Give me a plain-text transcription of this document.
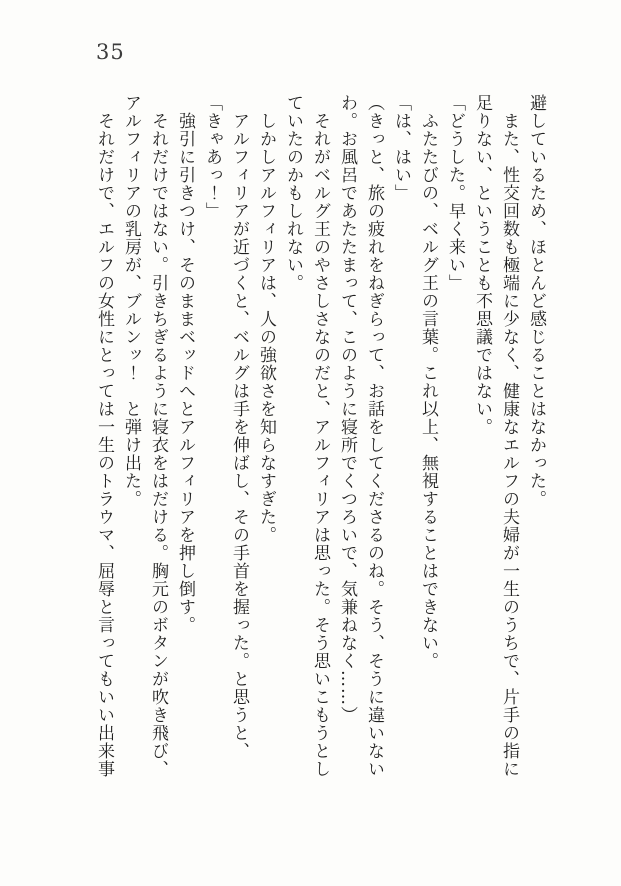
35

避しているため、ほとんど感じることはなかった。

　また、性交回数も極端に少なく、健康なエルフの夫婦が一生のうちで、片手の指に

足りない、ということも不思議ではない。

「どうした。早く来い」

　ふたたびの、ベルグ王の言葉。これ以上、無視することはできない。

「は、はい」

（きっと、旅の疲れをねぎらって、お話をしてくださるのね。そう、そうに違いない

わ。お風呂であたたまって、このように寝所でくつろいで、気兼ねなく……）

　それがベルグ王のやさしさなのだと、アルフィリアは思った。そう思いこもうとし

ていたのかもしれない。

　しかしアルフィリアは、人の強欲さを知らなすぎた。

　アルフィリアが近づくと、ベルグは手を伸ばし、その手首を握った。と思うと、

「きゃあっ！」

　強引に引きつけ、そのままベッドへとアルフィリアを押し倒す。

　それだけではない。引きちぎるように寝衣をはだける。胸元のボタンが吹き飛び、

アルフィリアの乳房が、ブルンッ！　と弾け出た。

　それだけで、エルフの女性にとっては一生のトラウマ、屈辱と言ってもいい出来事
